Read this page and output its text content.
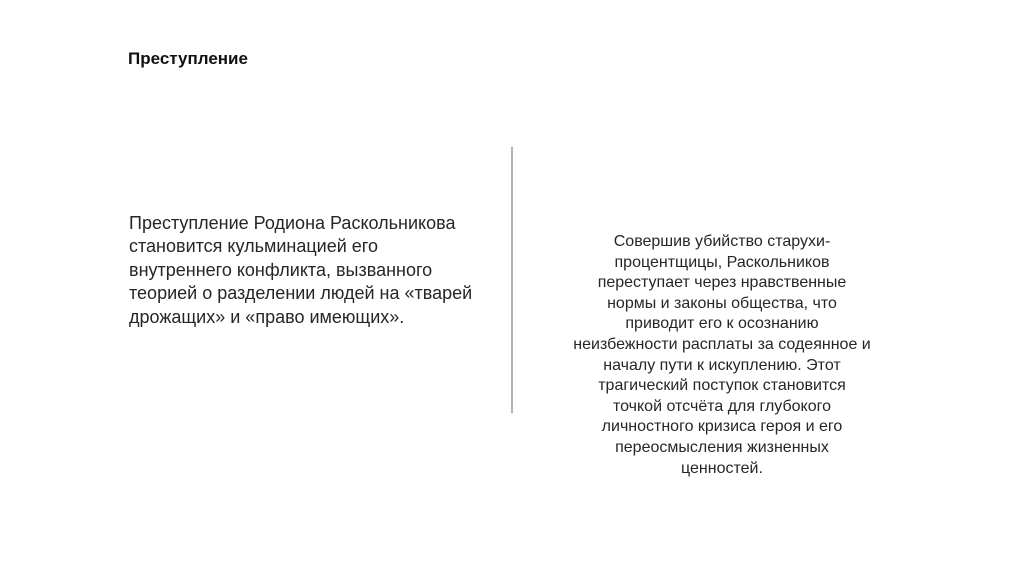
Преступление

Преступление Родиона Раскольникова становится кульминацией его внутреннего конфликта, вызванного теорией о разделении людей на «тварей дрожащих» и «право имеющих».

Совершив убийство старухи-процентщицы, Раскольников переступает через нравственные нормы и законы общества, что приводит его к осознанию неизбежности расплаты за содеянное и началу пути к искуплению. Этот трагический поступок становится точкой отсчёта для глубокого личностного кризиса героя и его переосмысления жизненных ценностей.
